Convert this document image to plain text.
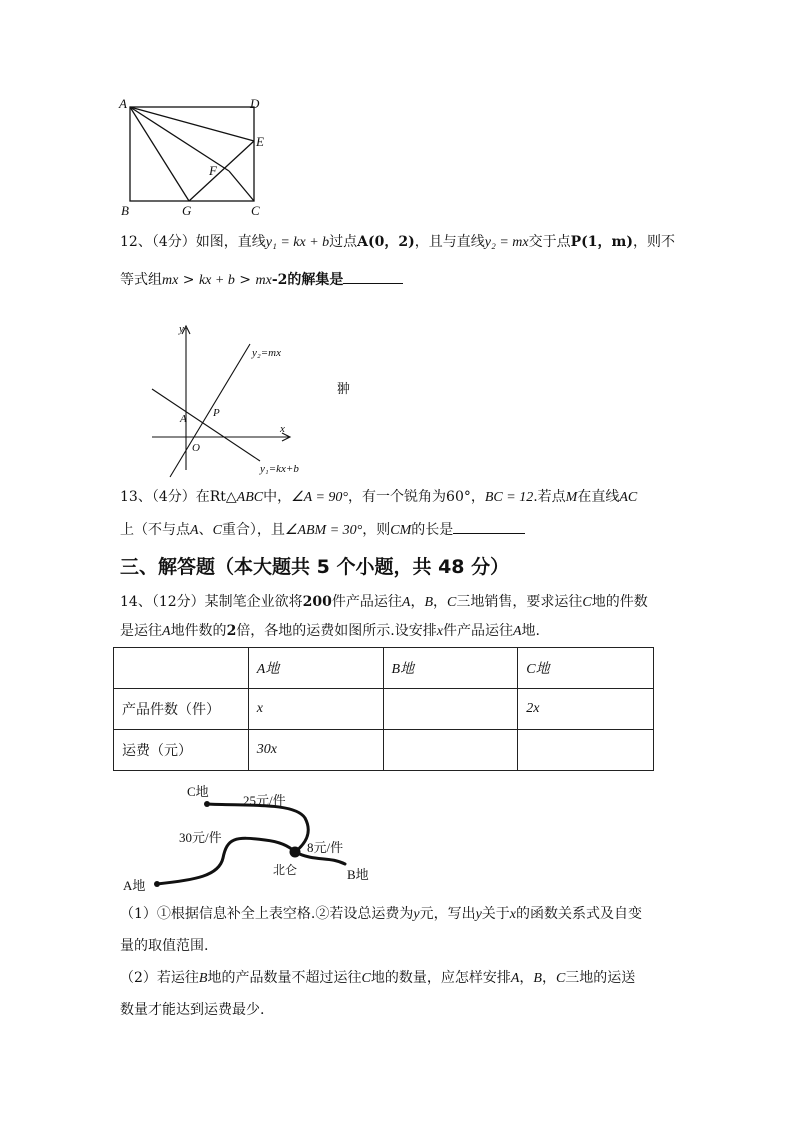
A	D
E
F
B	G	C
12、（4分）如图，直线y₁ = kx + b过点A(0，2)，且与直线y₂ = mx交于点P(1，m)，则不
等式组mx > kx + b > mx-2的解集是
y
x
y₂=mx
y₁=kx+b
A P
O
翀
13、（4分）在Rt△ABC中，∠A = 90°，有一个锐角为60°，BC = 12.若点M在直线AC
上（不与点A、C重合），且∠ABM = 30°，则CM的长是
三、解答题（本大题共 5 个小题，共 48 分）
14、（12分）某制笔企业欲将200件产品运往A，B，C三地销售，要求运往C地的件数
是运往A地件数的2倍，各地的运费如图所示.设安排x件产品运往A地.
	A地	B地	C地
产品件数（件）	x		2x
运费（元）	30x		
C地
A地
B地
北仑
25元/件
30元/件
8元/件
（1）①根据信息补全上表空格.②若设总运费为y元，写出y关于x的函数关系式及自变
量的取值范围.
（2）若运往B地的产品数量不超过运往C地的数量，应怎样安排A，B，C三地的运送
数量才能达到运费最少.
